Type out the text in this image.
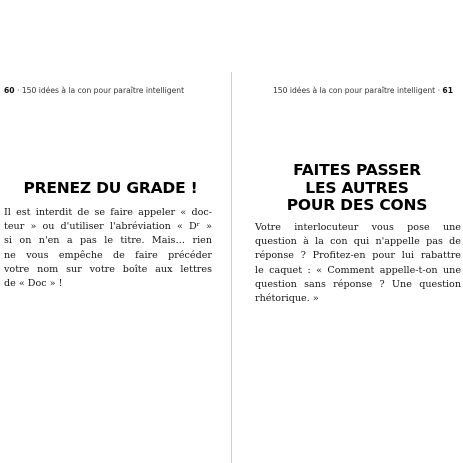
60 · 150 idées à la con pour paraître intelligent
PRENEZ DU GRADE !
Il est interdit de se faire appeler « doc-
teur » ou d'utiliser l'abréviation « Dʳ »
si on n'en a pas le titre. Mais… rien
ne vous empêche de faire précéder
votre nom sur votre boîte aux lettres
de « Doc » !
150 idées à la con pour paraître intelligent · 61
FAITES PASSER
LES AUTRES
POUR DES CONS
Votre interlocuteur vous pose une
question à la con qui n'appelle pas de
réponse ? Profitez-en pour lui rabattre
le caquet : « Comment appelle-t-on une
question sans réponse ? Une question
rhétorique. »
